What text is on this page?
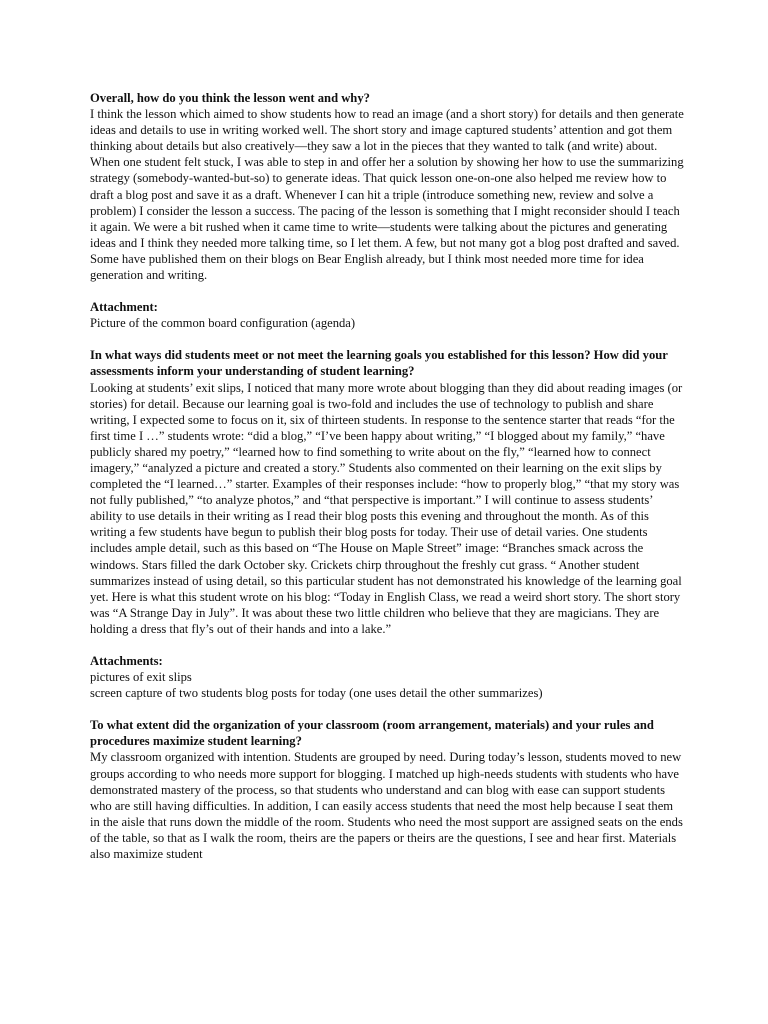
Overall, how do you think the lesson went and why?

I think the lesson which aimed to show students how to read an image (and a short story) for details and then generate ideas and details to use in writing worked well. The short story and image captured students’ attention and got them thinking about details but also creatively—they saw a lot in the pieces that they wanted to talk (and write) about. When one student felt stuck, I was able to step in and offer her a solution by showing her how to use the summarizing strategy (somebody-wanted-but-so) to generate ideas. That quick lesson one-on-one also helped me review how to draft a blog post and save it as a draft. Whenever I can hit a triple (introduce something new, review and solve a problem) I consider the lesson a success. The pacing of the lesson is something that I might reconsider should I teach it again. We were a bit rushed when it came time to write—students were talking about the pictures and generating ideas and I think they needed more talking time, so I let them. A few, but not many got a blog post drafted and saved. Some have published them on their blogs on Bear English already, but I think most needed more time for idea generation and writing.

Attachment:

Picture of the common board configuration (agenda)

In what ways did students meet or not meet the learning goals you established for this lesson? How did your assessments inform your understanding of student learning?

Looking at students’ exit slips, I noticed that many more wrote about blogging than they did about reading images (or stories) for detail. Because our learning goal is two-fold and includes the use of technology to publish and share writing, I expected some to focus on it, six of thirteen students. In response to the sentence starter that reads “for the first time I …” students wrote: “did a blog,” “I’ve been happy about writing,” “I blogged about my family,” “have publicly shared my poetry,” “learned how to find something to write about on the fly,” “learned how to connect imagery,” “analyzed a picture and created a story.” Students also commented on their learning on the exit slips by completed the “I learned…” starter. Examples of their responses include: “how to properly blog,” “that my story was not fully published,” “to analyze photos,” and “that perspective is important.” I will continue to assess students’ ability to use details in their writing as I read their blog posts this evening and throughout the month. As of this writing a few students have begun to publish their blog posts for today. Their use of detail varies. One students includes ample detail, such as this based on “The House on Maple Street” image: “Branches smack across the windows. Stars filled the dark October sky. Crickets chirp throughout the freshly cut grass. “ Another student summarizes instead of using detail, so this particular student has not demonstrated his knowledge of the learning goal yet. Here is what this student wrote on his blog: “Today in English Class, we read a weird short story. The short story was “A Strange Day in July”. It was about these two little children who believe that they are magicians. They are holding a dress that fly’s out of their hands and into a lake.”

Attachments:

pictures of exit slips

screen capture of two students blog posts for today (one uses detail the other summarizes)

To what extent did the organization of your classroom (room arrangement, materials) and your rules and procedures maximize student learning?

My classroom organized with intention. Students are grouped by need. During today’s lesson, students moved to new groups according to who needs more support for blogging. I matched up high-needs students with students who have demonstrated mastery of the process, so that students who understand and can blog with ease can support students who are still having difficulties. In addition, I can easily access students that need the most help because I seat them in the aisle that runs down the middle of the room. Students who need the most support are assigned seats on the ends of the table, so that as I walk the room, theirs are the papers or theirs are the questions, I see and hear first. Materials also maximize student
